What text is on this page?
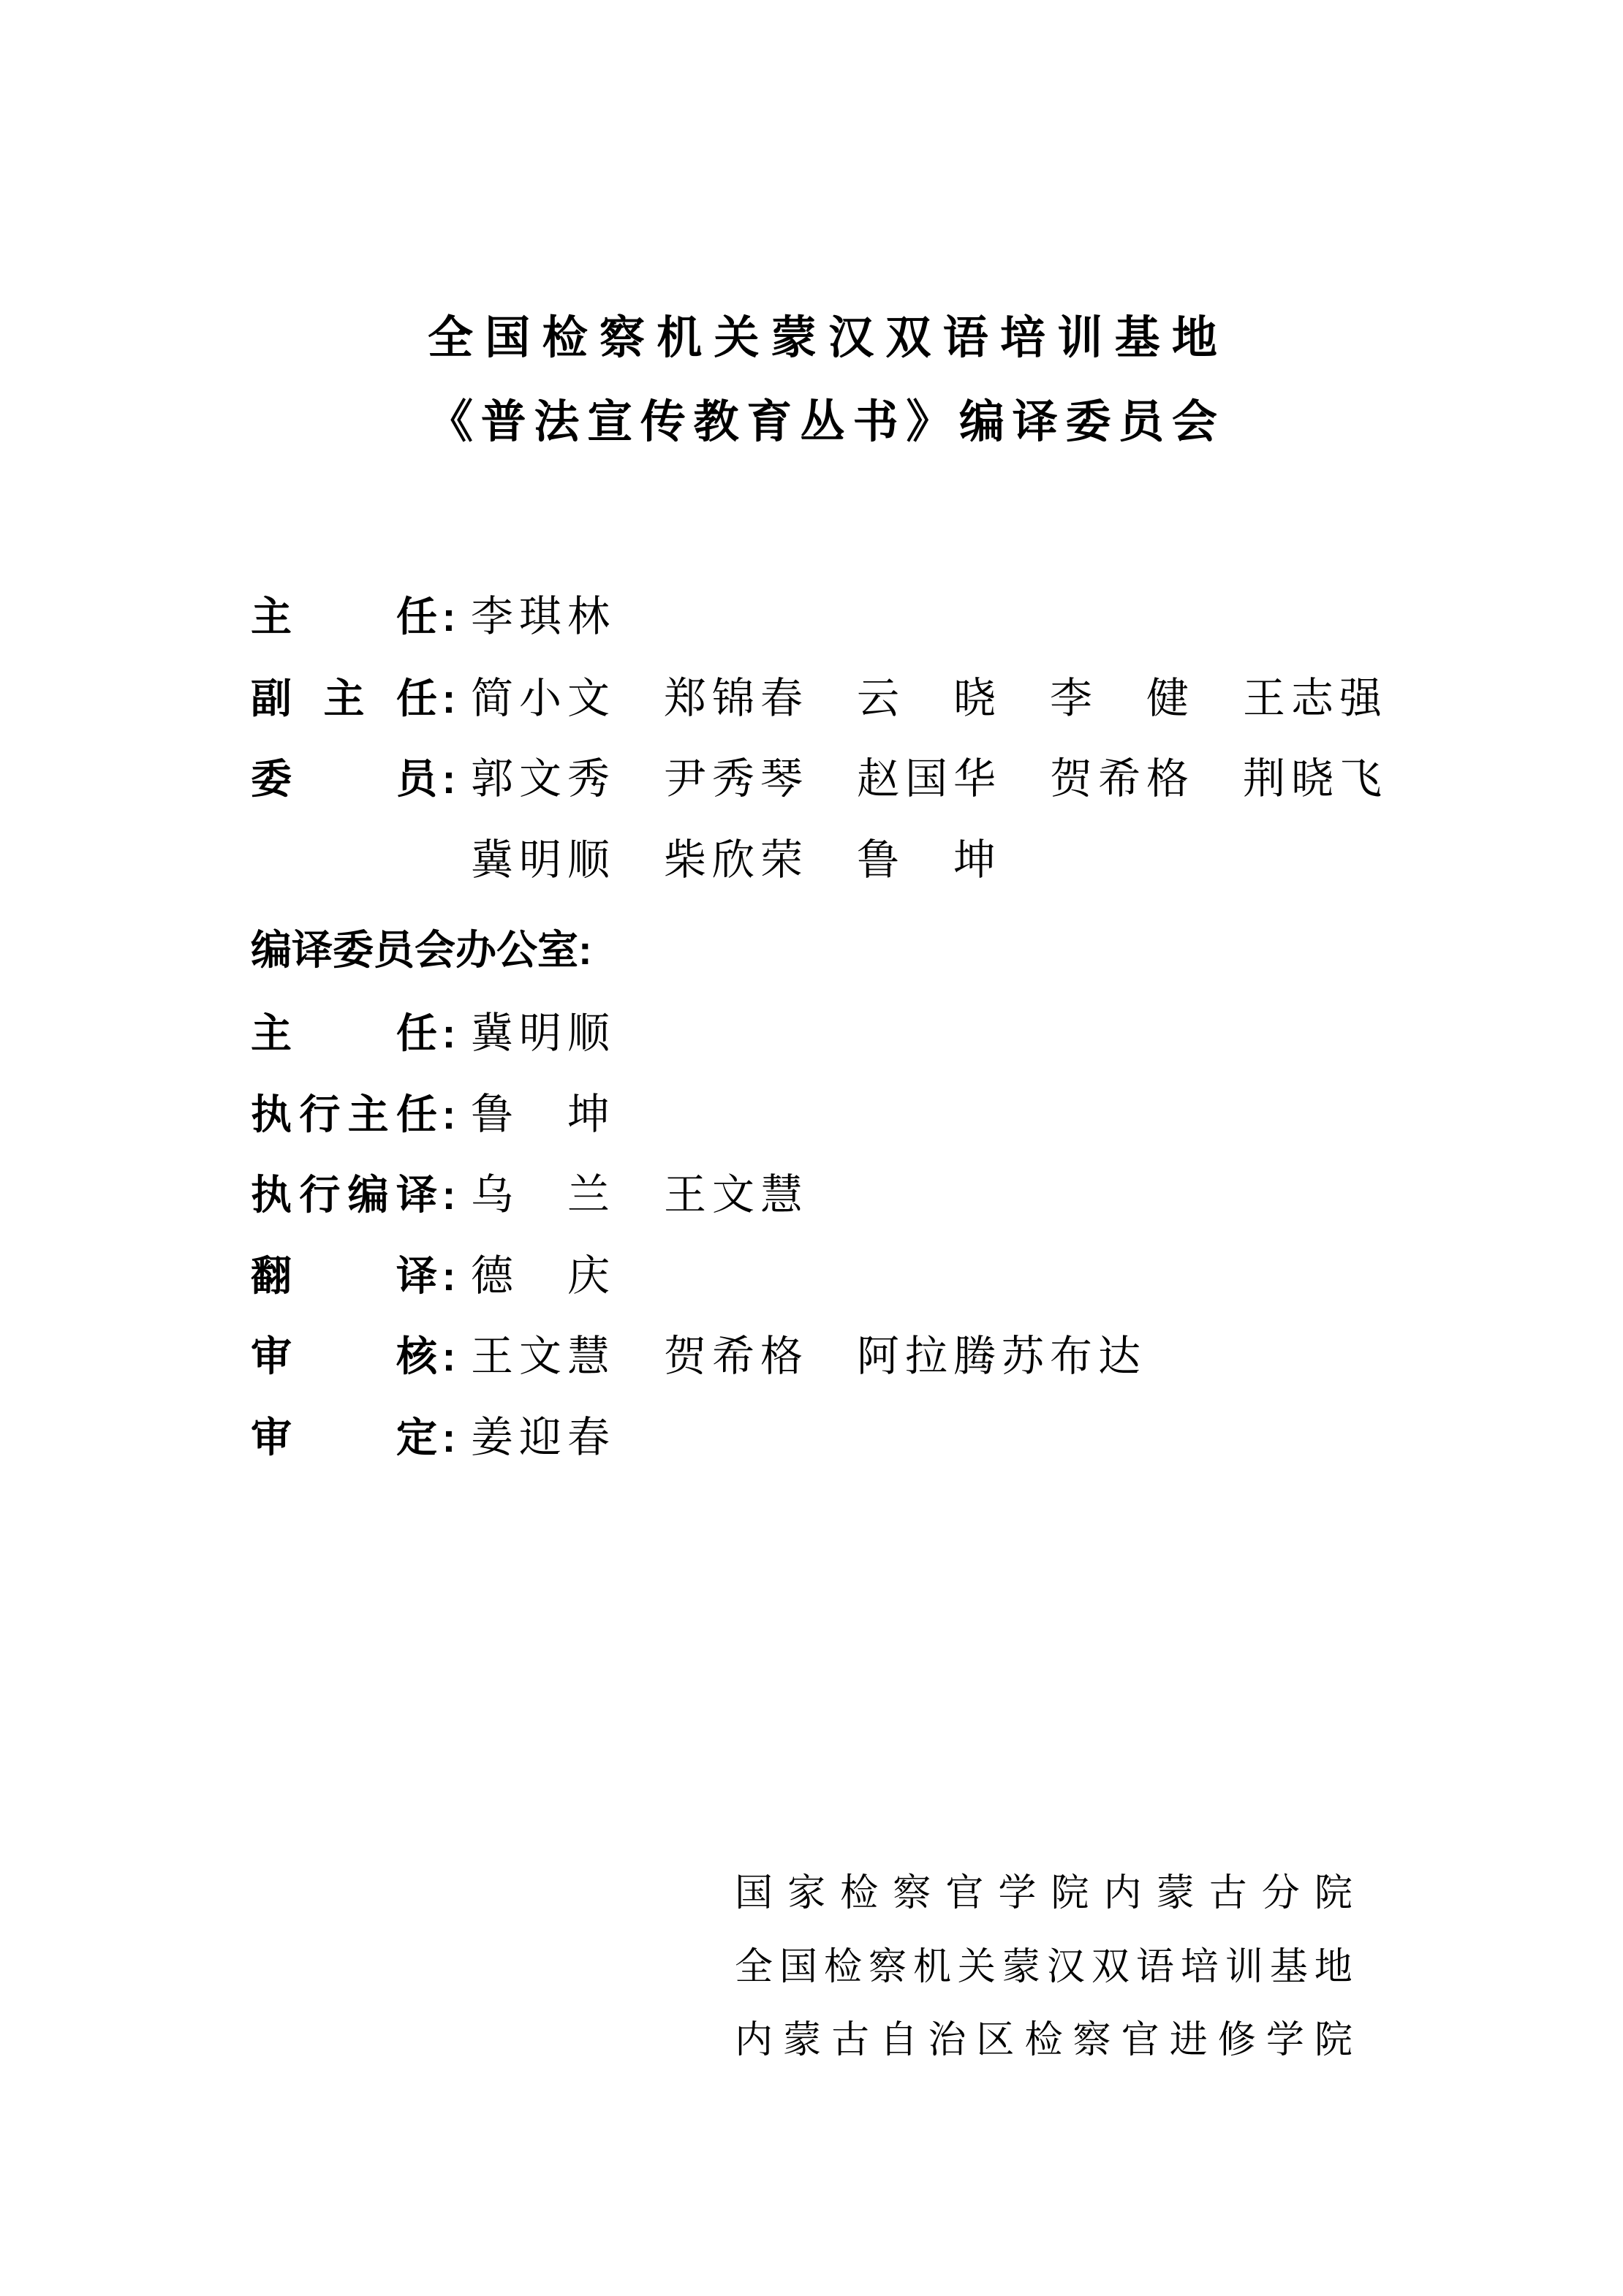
全 国 检 察 机 关 蒙 汉 双 语 培 训 基 地
《 普 法 宣 传 教 育 丛 书 》 编 译 委 员 会
主	任 : 李琪林
副 主 任 : 简小文　郑锦春　云　晓　李　健　王志强
委	员 : 郭文秀　尹秀琴　赵国华　贺希格　荆晓飞
冀明顺　柴欣荣　鲁　坤
编译委员会办公室:
主	任 : 冀明顺
执 行 主 任 : 鲁　坤
执 行 编 译 : 乌　兰　王文慧
翻	译 : 德　庆
审	核 : 王文慧　贺希格　阿拉腾苏布达
审	定 : 姜迎春
国 家 检 察 官 学 院 内 蒙 古 分 院
全 国 检 察 机 关 蒙 汉 双 语 培 训 基 地
内 蒙 古 自 治 区 检 察 官 进 修 学 院
